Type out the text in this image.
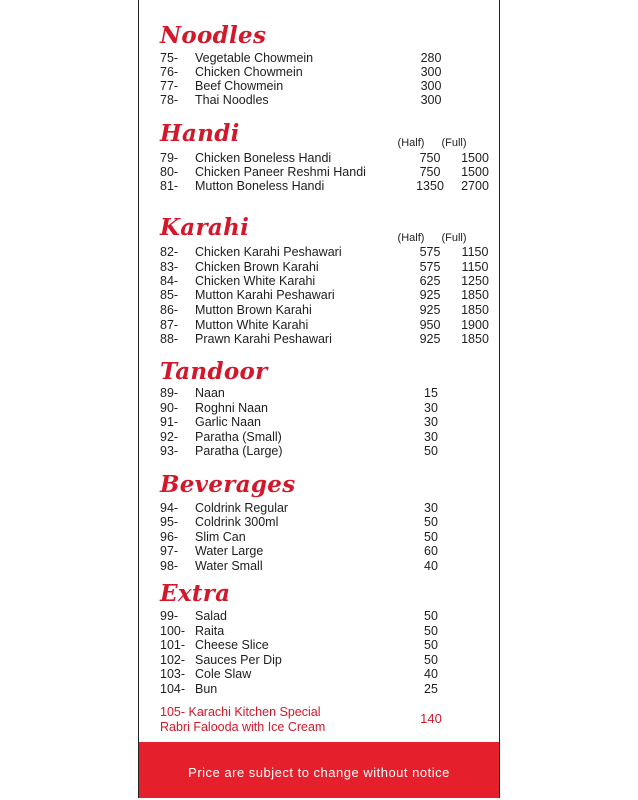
Noodles
75- Vegetable Chowmein	280
76- Chicken Chowmein	300
77- Beef Chowmein	300
78- Thai Noodles	300
Handi	(Half)	(Full)
79- Chicken Boneless Handi	750	1500
80- Chicken Paneer Reshmi Handi	750	1500
81- Mutton Boneless Handi	1350	2700
Karahi	(Half)	(Full)
82- Chicken Karahi Peshawari	575	1150
83- Chicken Brown Karahi	575	1150
84- Chicken White Karahi	625	1250
85- Mutton Karahi Peshawari	925	1850
86- Mutton Brown Karahi	925	1850
87- Mutton White Karahi	950	1900
88- Prawn Karahi Peshawari	925	1850
Tandoor
89- Naan	15
90- Roghni Naan	30
91- Garlic Naan	30
92- Paratha (Small)	30
93- Paratha (Large)	50
Beverages
94- Coldrink Regular	30
95- Coldrink 300ml	50
96- Slim Can	50
97- Water Large	60
98- Water Small	40
Extra
99- Salad	50
100- Raita	50
101- Cheese Slice	50
102- Sauces Per Dip	50
103- Cole Slaw	40
104- Bun	25
105- Karachi Kitchen Special
Rabri Falooda with Ice Cream
140
Price are subject to change without notice
